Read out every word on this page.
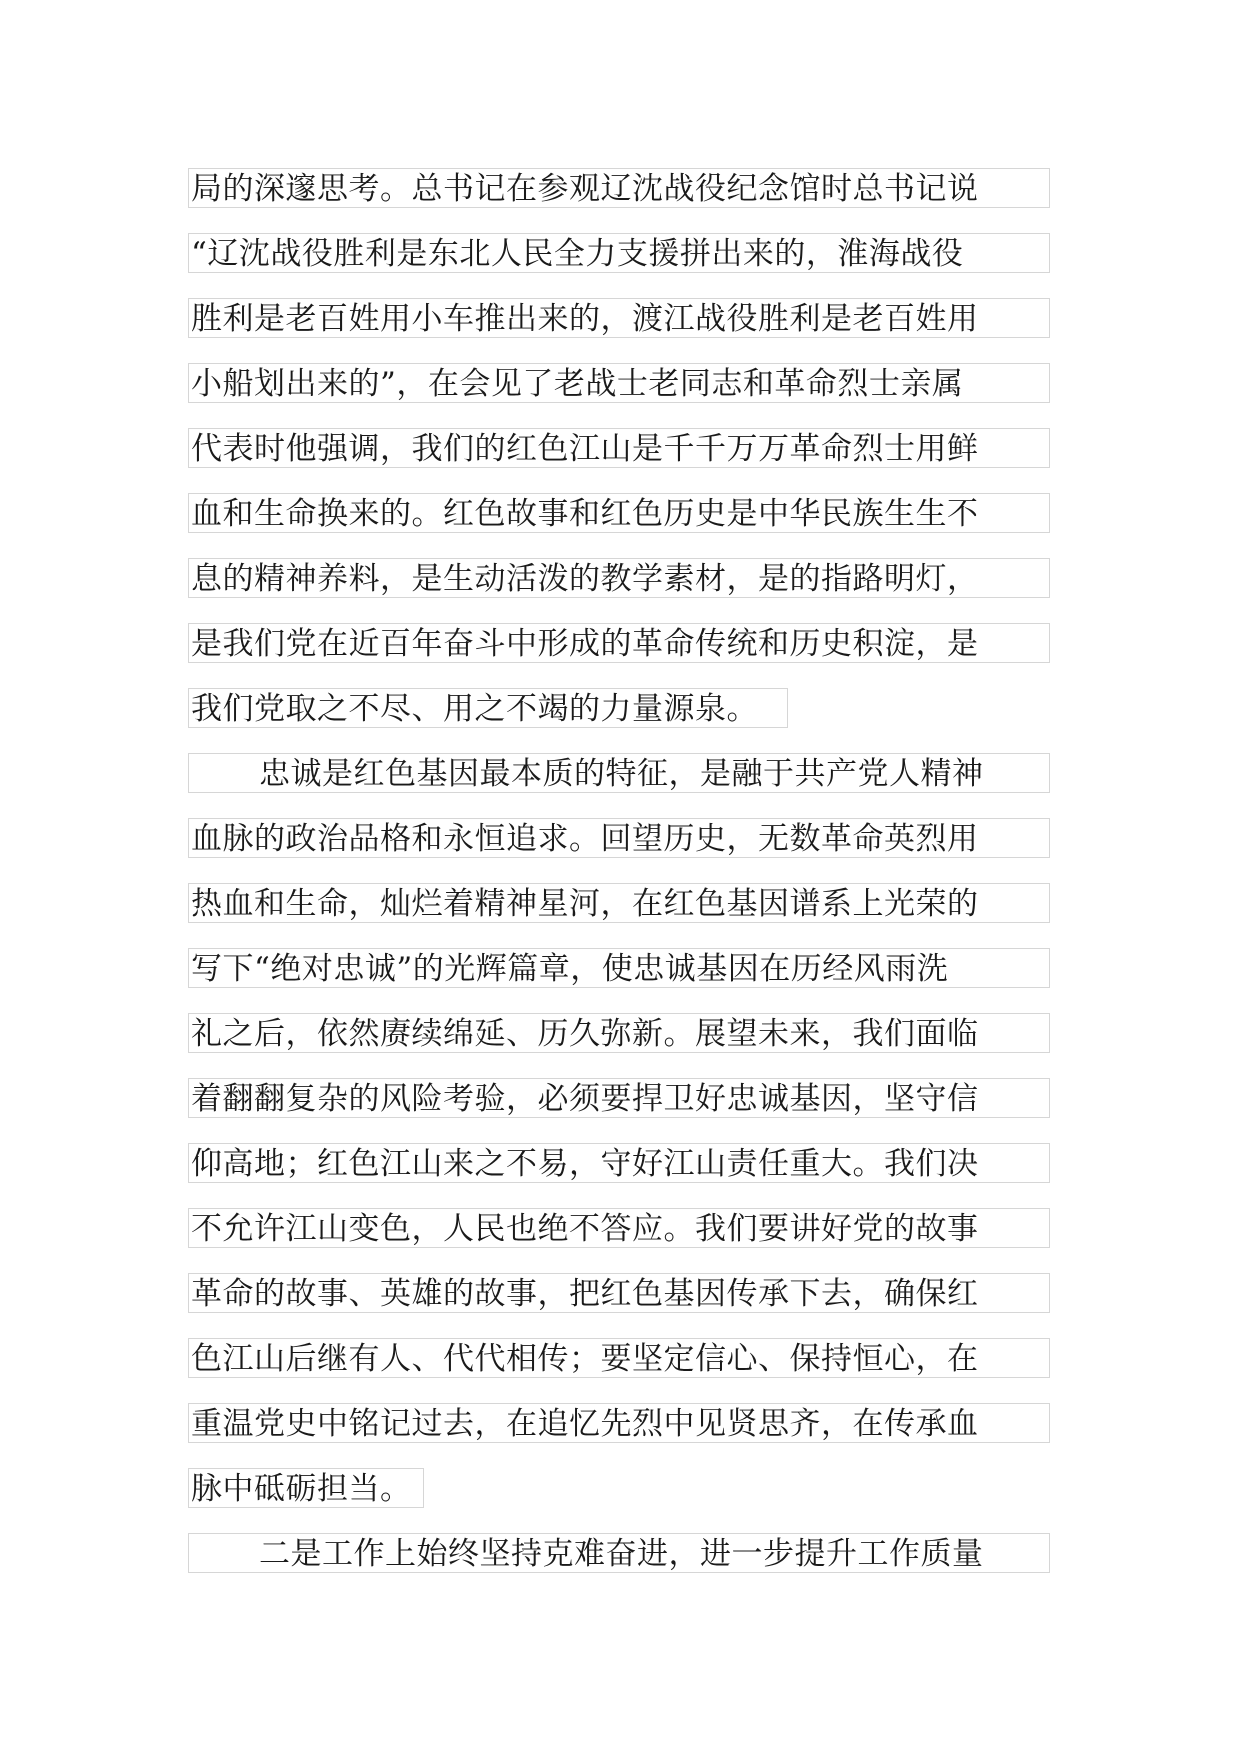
局的深邃思考。总书记在参观辽沈战役纪念馆时总书记说
“辽沈战役胜利是东北人民全力支援拼出来的，淮海战役
胜利是老百姓用小车推出来的，渡江战役胜利是老百姓用
小船划出来的”，在会见了老战士老同志和革命烈士亲属
代表时他强调，我们的红色江山是千千万万革命烈士用鲜
血和生命换来的。红色故事和红色历史是中华民族生生不
息的精神养料，是生动活泼的教学素材，是的指路明灯，
是我们党在近百年奋斗中形成的革命传统和历史积淀，是
我们党取之不尽、用之不竭的力量源泉。
忠诚是红色基因最本质的特征，是融于共产党人精神
血脉的政治品格和永恒追求。回望历史，无数革命英烈用
热血和生命，灿烂着精神星河，在红色基因谱系上光荣的
写下“绝对忠诚”的光辉篇章，使忠诚基因在历经风雨洗
礼之后，依然赓续绵延、历久弥新。展望未来，我们面临
着翻翻复杂的风险考验，必须要捍卫好忠诚基因，坚守信
仰高地；红色江山来之不易，守好江山责任重大。我们决
不允许江山变色，人民也绝不答应。我们要讲好党的故事
革命的故事、英雄的故事，把红色基因传承下去，确保红
色江山后继有人、代代相传；要坚定信心、保持恒心，在
重温党史中铭记过去，在追忆先烈中见贤思齐，在传承血
脉中砥砺担当。
二是工作上始终坚持克难奋进，进一步提升工作质量
